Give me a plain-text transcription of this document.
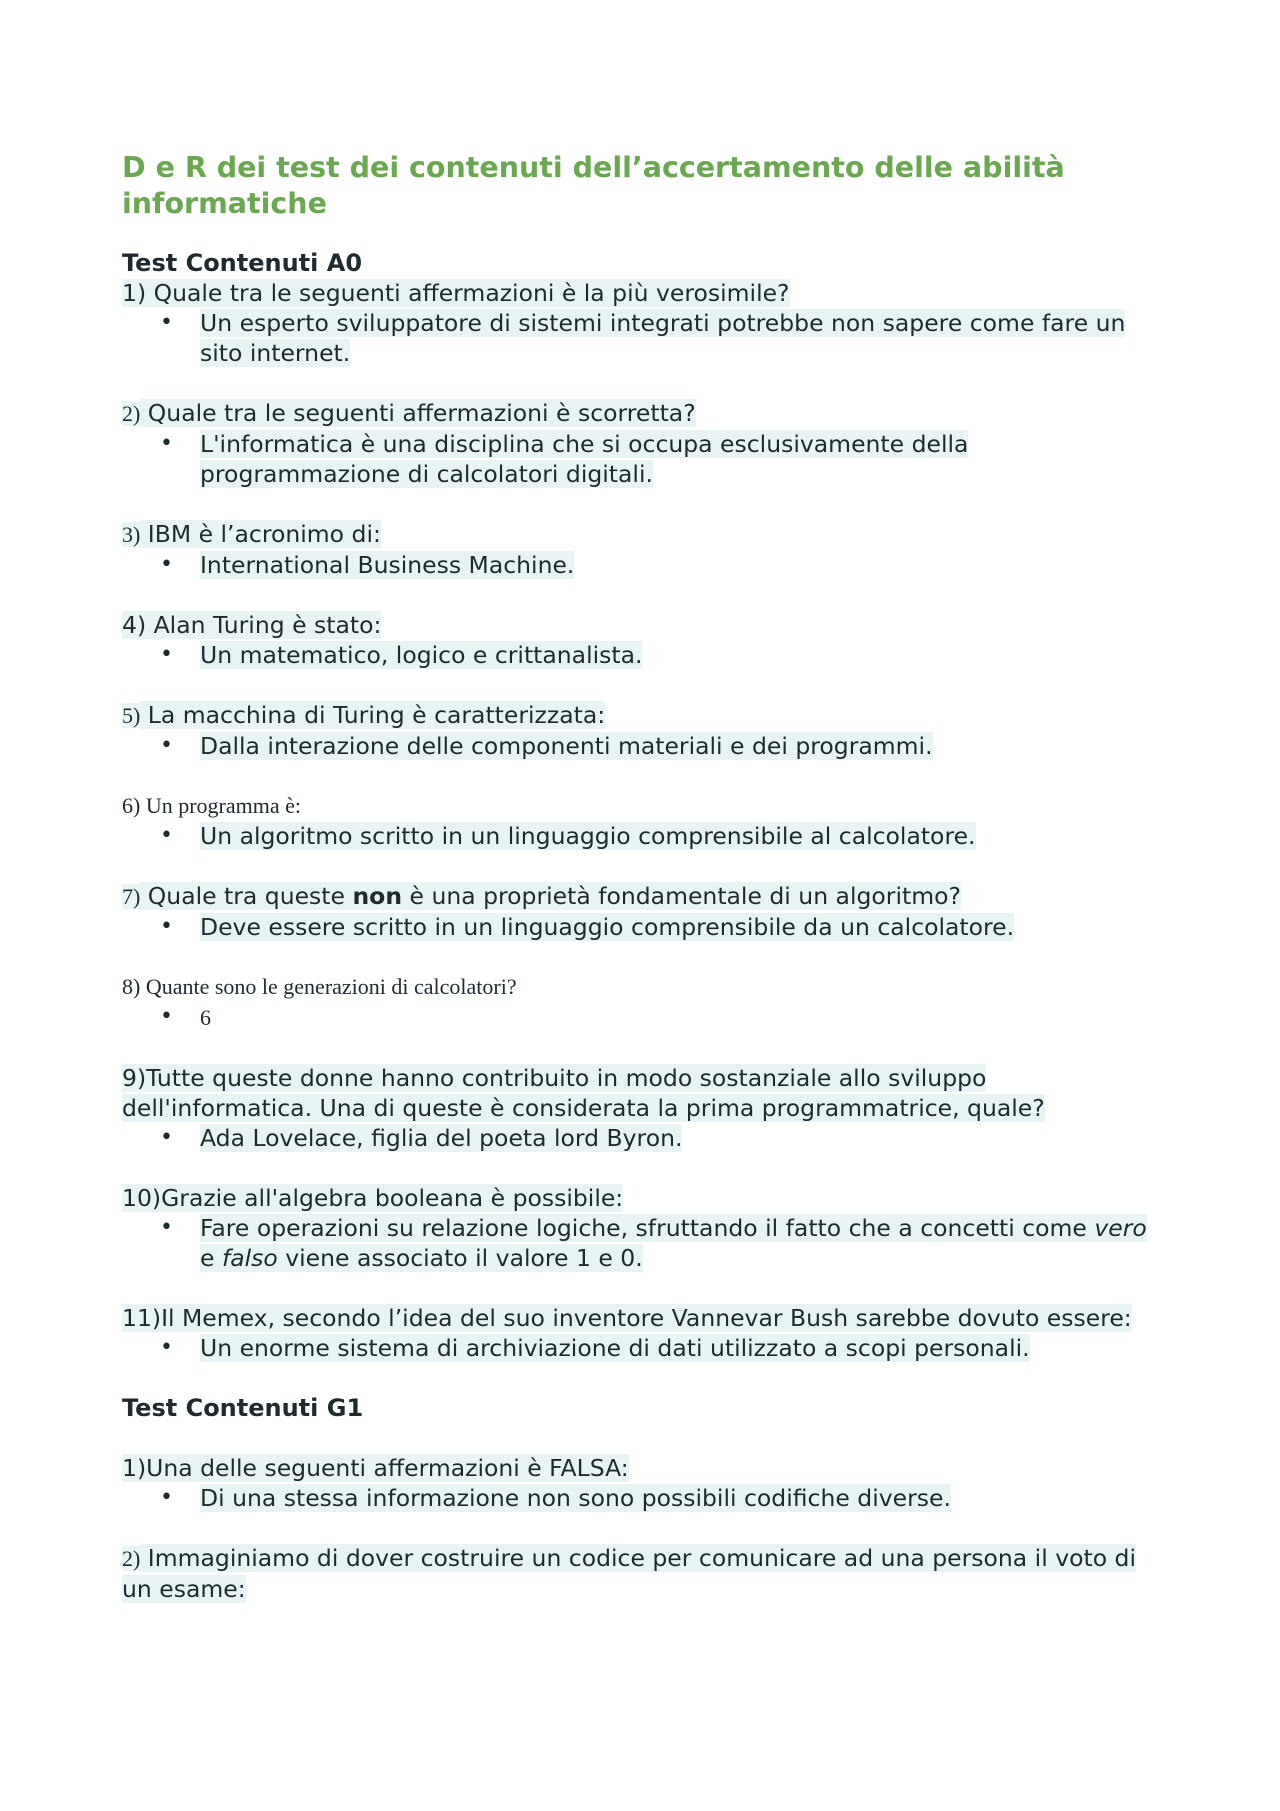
D e R dei test dei contenuti dell’accertamento delle abilità informatiche
Test Contenuti A0

1) Quale tra le seguenti affermazioni è la più verosimile?

• Un esperto sviluppatore di sistemi integrati potrebbe non sapere come fare un sito internet.

2) Quale tra le seguenti affermazioni è scorretta?

• L'informatica è una disciplina che si occupa esclusivamente della programmazione di calcolatori digitali.

3) IBM è l’acronimo di:

• International Business Machine.

4) Alan Turing è stato:

• Un matematico, logico e crittanalista.

5) La macchina di Turing è caratterizzata:

• Dalla interazione delle componenti materiali e dei programmi.

6) Un programma è:

• Un algoritmo scritto in un linguaggio comprensibile al calcolatore.

7) Quale tra queste non è una proprietà fondamentale di un algoritmo?

• Deve essere scritto in un linguaggio comprensibile da un calcolatore.

8) Quante sono le generazioni di calcolatori?

• 6

9)Tutte queste donne hanno contribuito in modo sostanziale allo sviluppo dell'informatica. Una di queste è considerata la prima programmatrice, quale?

• Ada Lovelace, figlia del poeta lord Byron.

10)Grazie all'algebra booleana è possibile:

• Fare operazioni su relazione logiche, sfruttando il fatto che a concetti come vero e falso viene associato il valore 1 e 0.

11)Il Memex, secondo l’idea del suo inventore Vannevar Bush sarebbe dovuto essere:

• Un enorme sistema di archiviazione di dati utilizzato a scopi personali.
Test Contenuti G1

1)Una delle seguenti affermazioni è FALSA:

• Di una stessa informazione non sono possibili codifiche diverse.

2) Immaginiamo di dover costruire un codice per comunicare ad una persona il voto di un esame:
